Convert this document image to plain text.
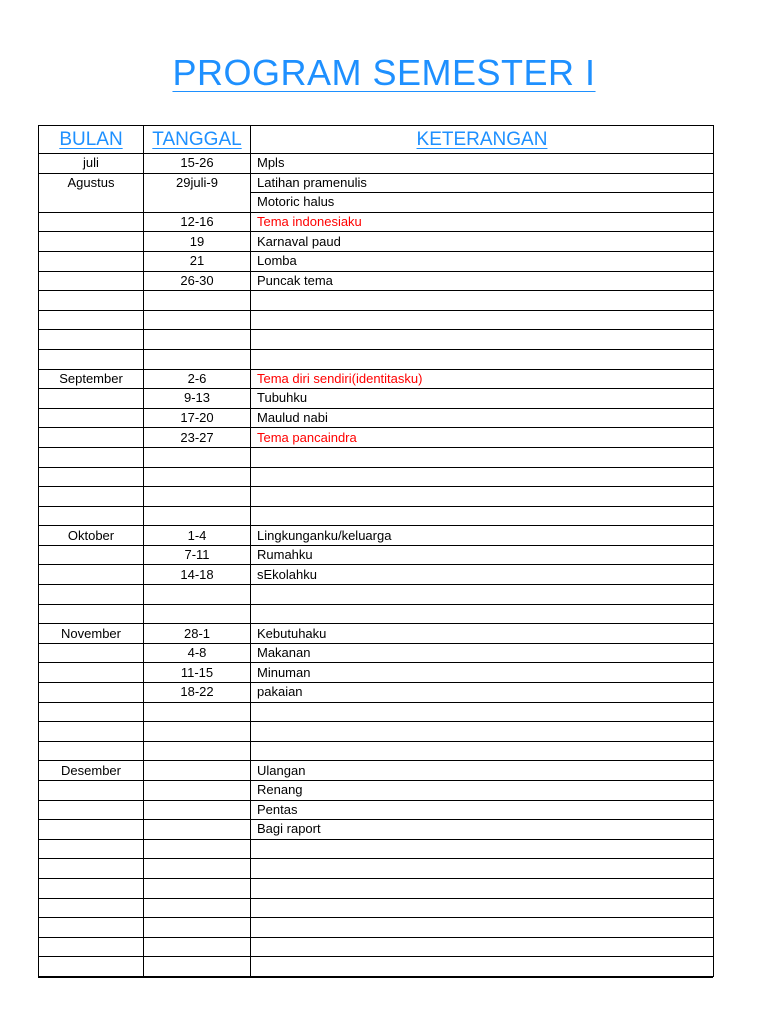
PROGRAM SEMESTER I
BULAN	TANGGAL	KETERANGAN
juli	15-26	Mpls
Agustus	29juli-9	Latihan pramenulis
		Motoric halus
	12-16	Tema indonesiaku
	19	Karnaval paud
	21	Lomba
	26-30	Puncak tema

September	2-6	Tema diri sendiri(identitasku)
	9-13	Tubuhku
	17-20	Maulud nabi
	23-27	Tema pancaindra

Oktober	1-4	Lingkunganku/keluarga
	7-11	Rumahku
	14-18	sEkolahku

November	28-1	Kebutuhaku
	4-8	Makanan
	11-15	Minuman
	18-22	pakaian

Desember		Ulangan
		Renang
		Pentas
		Bagi raport
